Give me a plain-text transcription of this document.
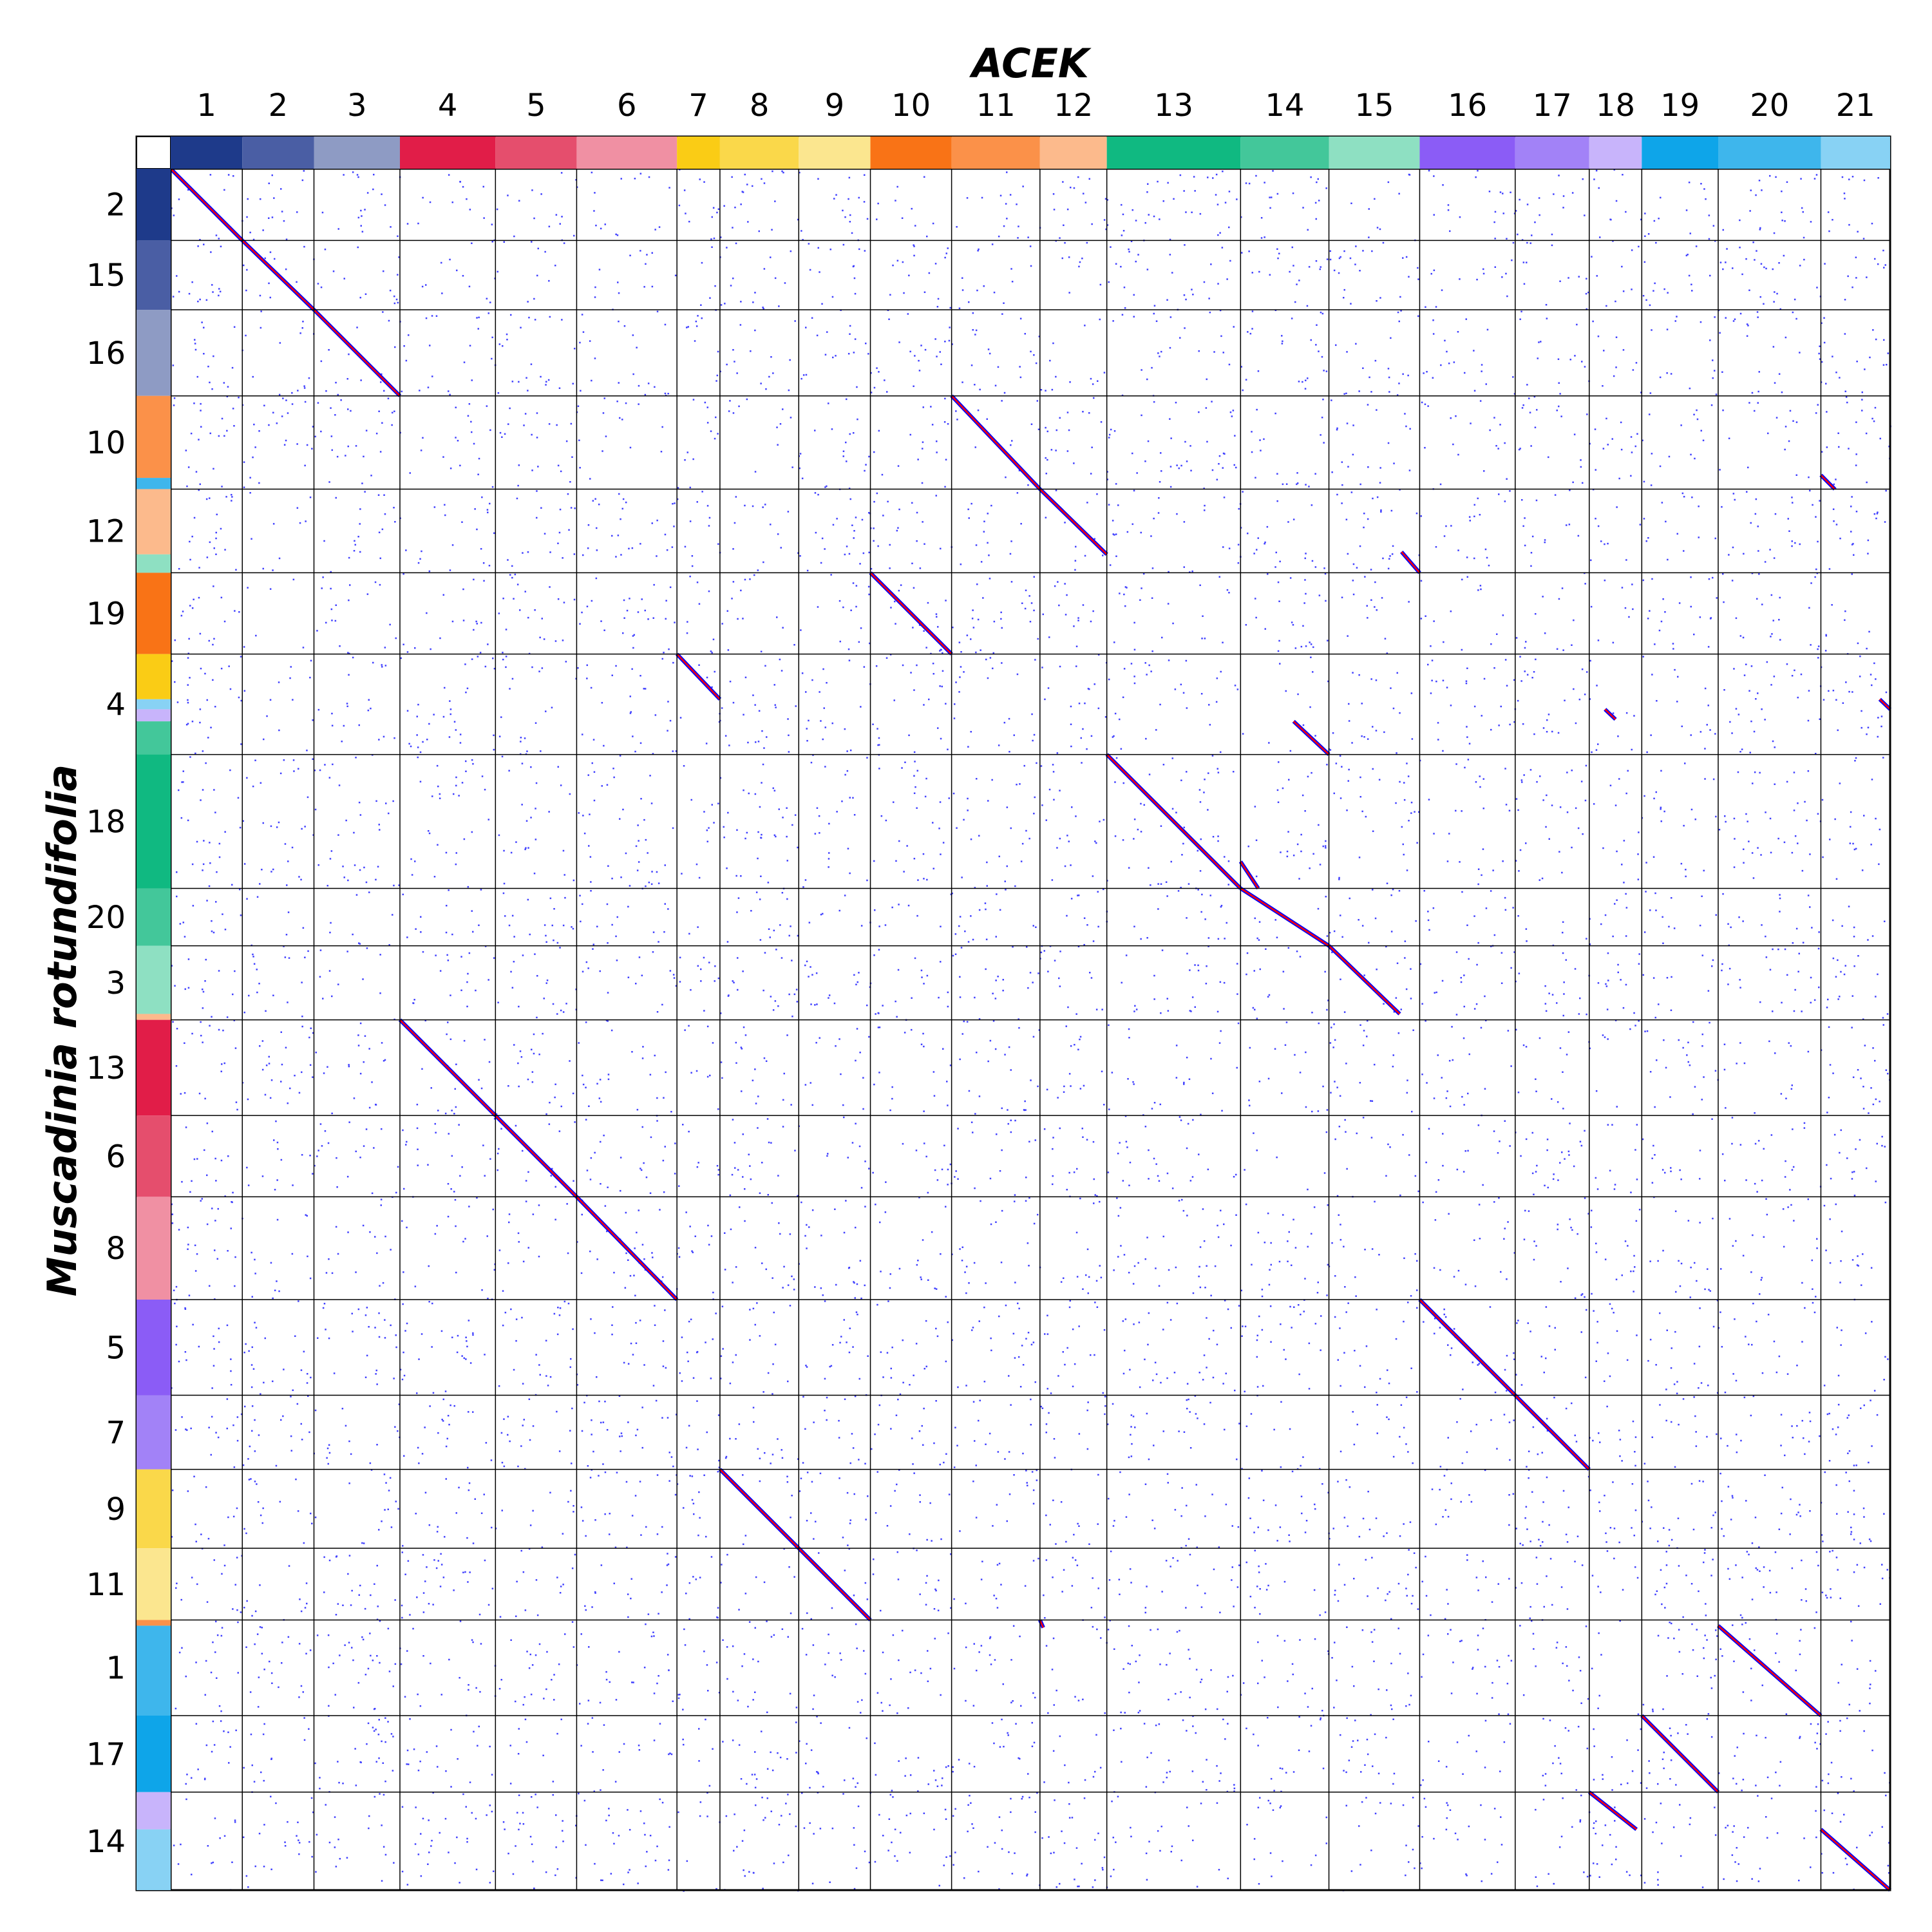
1 2 3 4 5 6 7 8 9 10 11 12 13 14 15 16 17 18 19 20 21
2
15
16
10
12
19
4
18
20
3
13
6
8
5
7
9
11
1
17
14
ACEK
Muscadinia rotundifolia
